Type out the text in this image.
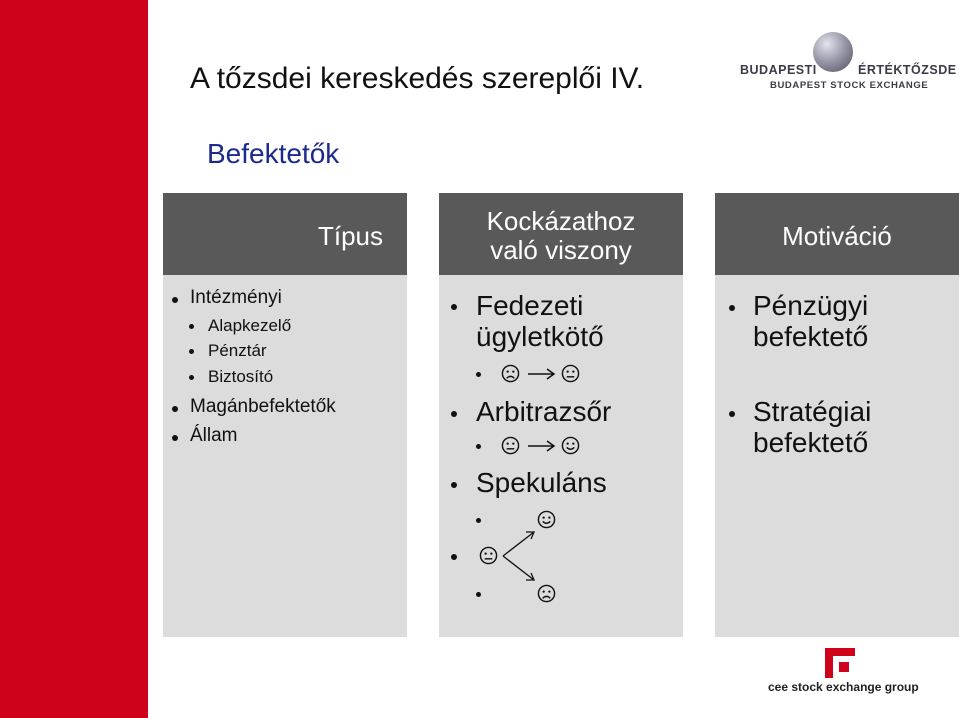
A tőzsdei kereskedés szereplői IV.
Befektetők
BUDAPESTI	ÉRTÉKTŐZSDE
BUDAPEST STOCK EXCHANGE
Típus
Intézményi
Alapkezelő
Pénztár
Biztosító
Magánbefektetők
Állam
Kockázathoz
való viszony
Fedezeti
ügyletkötő
Arbitrazsőr
Spekuláns
Motiváció
Pénzügyi
befektető
Stratégiai
befektető
cee stock exchange group
